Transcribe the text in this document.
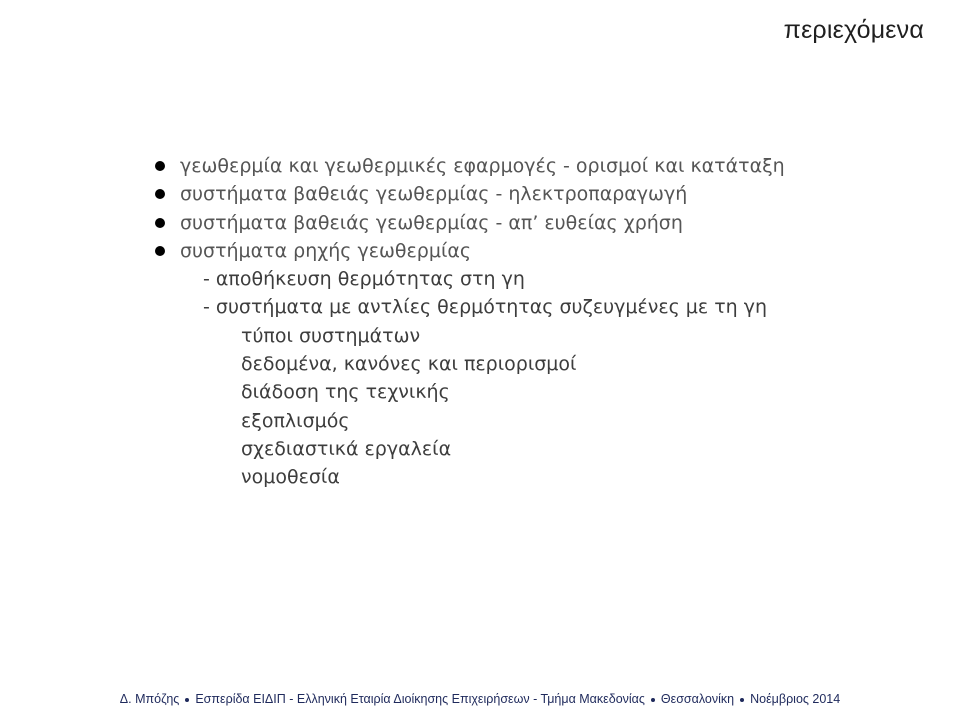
περιεχόμενα
γεωθερμία και γεωθερμικές εφαρμογές - ορισμοί και κατάταξη
συστήματα βαθειάς γεωθερμίας - ηλεκτροπαραγωγή
συστήματα βαθειάς γεωθερμίας - απ’ ευθείας χρήση
συστήματα ρηχής γεωθερμίας
- αποθήκευση θερμότητας στη γη
- συστήματα με αντλίες θερμότητας συζευγμένες με τη γη
τύποι συστημάτων
δεδομένα, κανόνες και περιορισμοί
διάδοση της τεχνικής
εξοπλισμός
σχεδιαστικά εργαλεία
νομοθεσία
Δ. Μπόζης Εσπερίδα ΕΙΔΙΠ - Ελληνική Εταιρία Διοίκησης Επιχειρήσεων - Τμήμα Μακεδονίας Θεσσαλονίκη Νοέμβριος 2014
